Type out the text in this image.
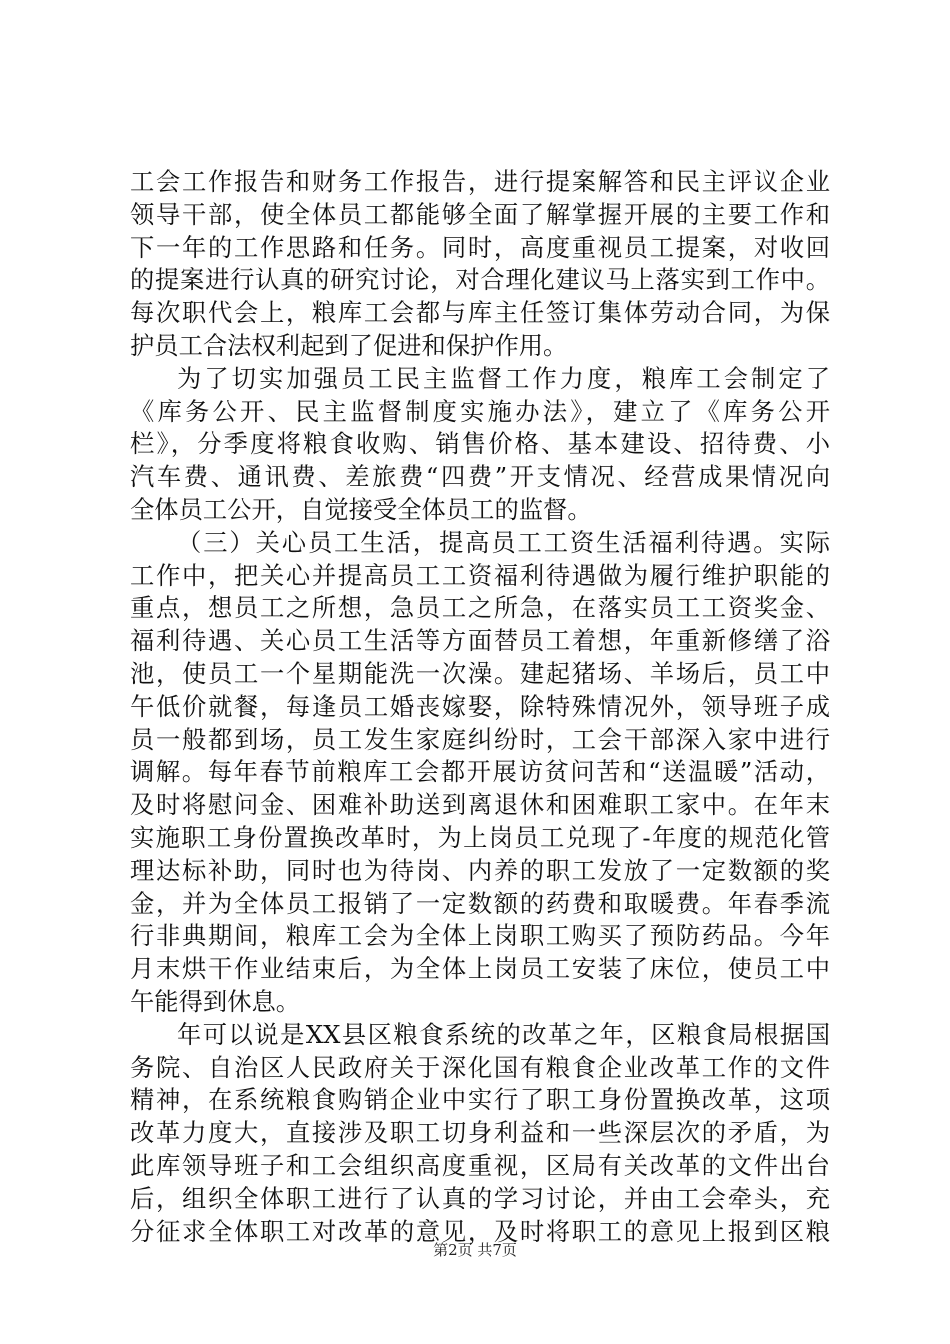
工会工作报告和财务工作报告，进行提案解答和民主评议企业
领导干部，使全体员工都能够全面了解掌握开展的主要工作和
下一年的工作思路和任务。同时，高度重视员工提案，对收回
的提案进行认真的研究讨论，对合理化建议马上落实到工作中。
每次职代会上，粮库工会都与库主任签订集体劳动合同，为保
护员工合法权利起到了促进和保护作用。
为了切实加强员工民主监督工作力度，粮库工会制定了
《库务公开、民主监督制度实施办法》，建立了《库务公开
栏》，分季度将粮食收购、销售价格、基本建设、招待费、小
汽车费、通讯费、差旅费“四费”开支情况、经营成果情况向
全体员工公开，自觉接受全体员工的监督。
（三）关心员工生活，提高员工工资生活福利待遇。实际
工作中，把关心并提高员工工资福利待遇做为履行维护职能的
重点，想员工之所想，急员工之所急，在落实员工工资奖金、
福利待遇、关心员工生活等方面替员工着想，年重新修缮了浴
池，使员工一个星期能洗一次澡。建起猪场、羊场后，员工中
午低价就餐，每逢员工婚丧嫁娶，除特殊情况外，领导班子成
员一般都到场，员工发生家庭纠纷时，工会干部深入家中进行
调解。每年春节前粮库工会都开展访贫问苦和“送温暖”活动，
及时将慰问金、困难补助送到离退休和困难职工家中。在年末
实施职工身份置换改革时，为上岗员工兑现了-年度的规范化管
理达标补助，同时也为待岗、内养的职工发放了一定数额的奖
金，并为全体员工报销了一定数额的药费和取暖费。年春季流
行非典期间，粮库工会为全体上岗职工购买了预防药品。今年
月末烘干作业结束后，为全体上岗员工安装了床位，使员工中
午能得到休息。
年可以说是XX县区粮食系统的改革之年，区粮食局根据国
务院、自治区人民政府关于深化国有粮食企业改革工作的文件
精神，在系统粮食购销企业中实行了职工身份置换改革，这项
改革力度大，直接涉及职工切身利益和一些深层次的矛盾，为
此库领导班子和工会组织高度重视，区局有关改革的文件出台
后，组织全体职工进行了认真的学习讨论，并由工会牵头，充
分征求全体职工对改革的意见，及时将职工的意见上报到区粮
第2页 共7页
